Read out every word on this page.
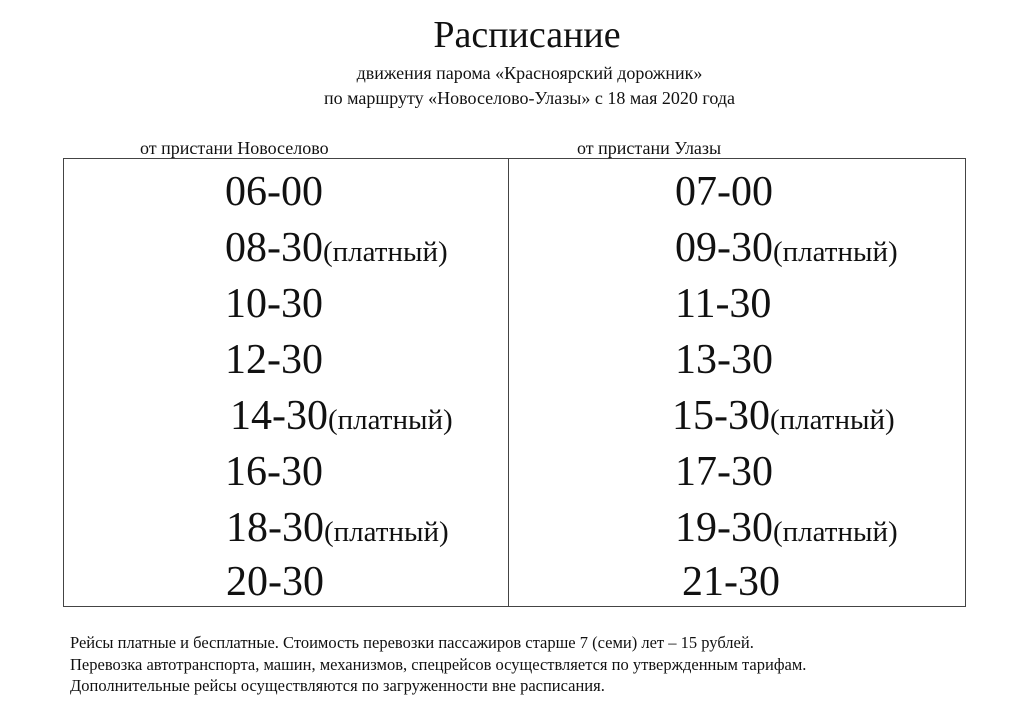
Расписание

движения парома «Красноярский дорожник»

по маршруту «Новоселово-Улазы» с 18 мая 2020 года

от пристани Новоселово	от пристани Улазы
06-00
08-30(платный)
10-30
12-30
14-30(платный)
16-30
18-30(платный)
20-30
07-00
09-30(платный)
11-30
13-30
15-30(платный)
17-30
19-30(платный)
21-30

Рейсы платные и бесплатные. Стоимость перевозки пассажиров старше 7 (семи) лет – 15 рублей.
Перевозка автотранспорта, машин, механизмов, спецрейсов осуществляется по утвержденным тарифам.
Дополнительные рейсы осуществляются по загруженности вне расписания.
